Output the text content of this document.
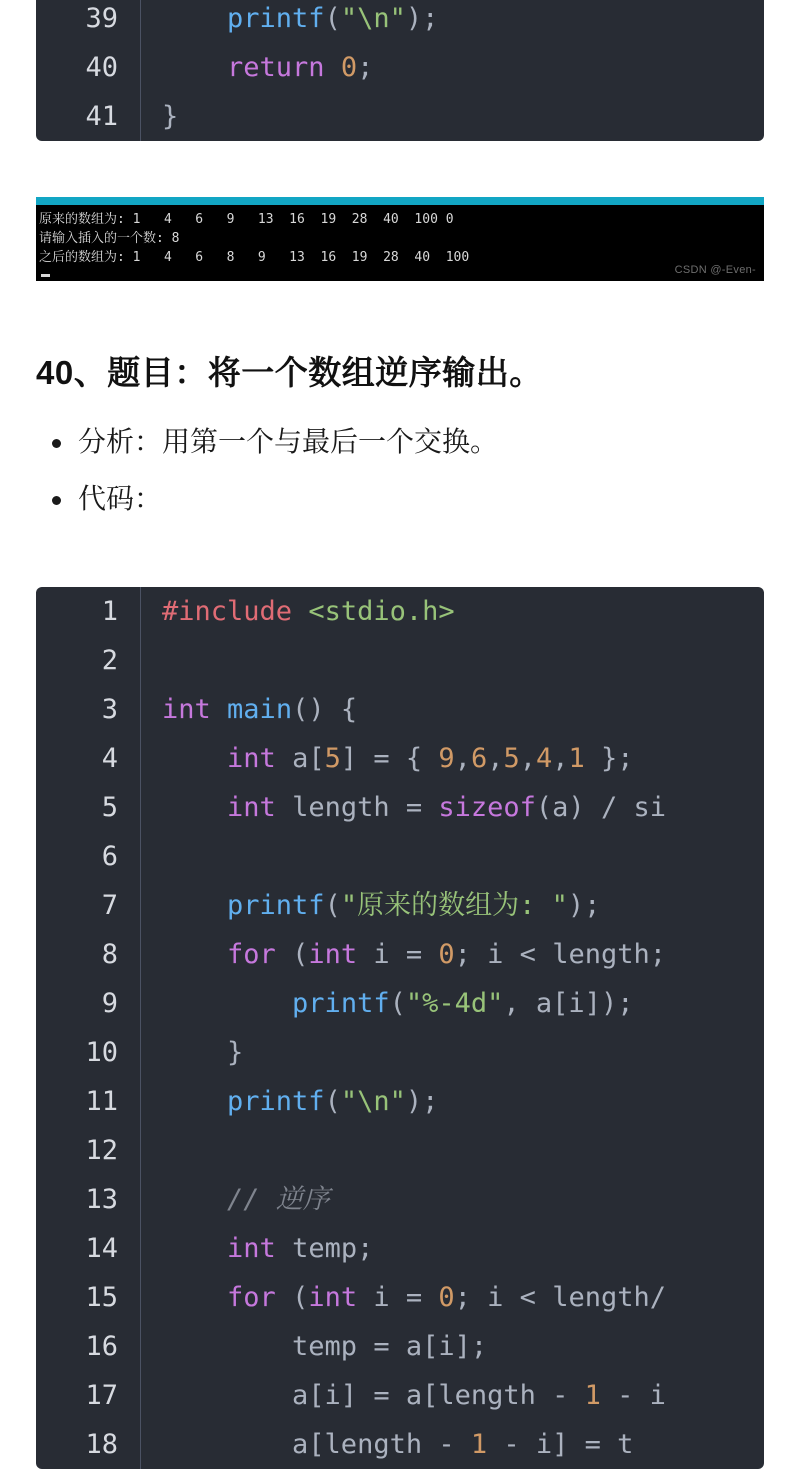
39	printf("\n");
40	return 0;
41	}
原来的数组为: 1   4   6   9   13  16  19  28  40  100 0
请输入插入的一个数: 8
之后的数组为: 1   4   6   8   9   13  16  19  28  40  100
CSDN @-Even-
40、题目：将一个数组逆序输出。
分析：用第一个与最后一个交换。
代码：
1	#include <stdio.h>
2
3	int main() {
4	int a[5] = { 9,6,5,4,1 };
5	int length = sizeof(a) / si
6
7	printf("原来的数组为: ");
8	for (int i = 0; i < length;
9	printf("%-4d", a[i]);
10	}
11	printf("\n");
12
13	// 逆序
14	int temp;
15	for (int i = 0; i < length/
16	temp = a[i];
17	a[i] = a[length - 1 - i
18	a[length - 1 - i] = t
